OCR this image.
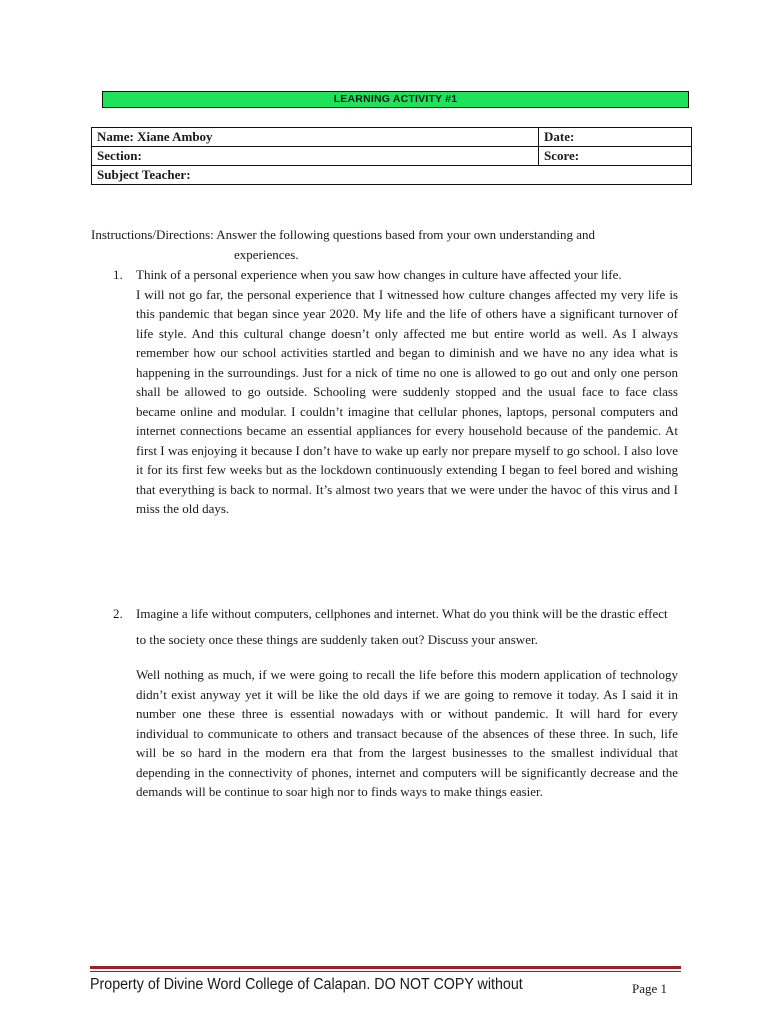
LEARNING ACTIVITY #1
Name: Xiane Amboy	Date:
Section:	Score:
Subject Teacher:	
Instructions/Directions: Answer the following questions based from your own understanding and
experiences.
1. Think of a personal experience when you saw how changes in culture have affected your life.
I will not go far, the personal experience that I witnessed how culture changes affected my very life is this pandemic that began since year 2020. My life and the life of others have a significant turnover of life style. And this cultural change doesn’t only affected me but entire world as well. As I always remember how our school activities startled and began to diminish and we have no any idea what is happening in the surroundings. Just for a nick of time no one is allowed to go out and only one person shall be allowed to go outside. Schooling were suddenly stopped and the usual face to face class became online and modular. I couldn’t imagine that cellular phones, laptops, personal computers and internet connections became an essential appliances for every household because of the pandemic. At first I was enjoying it because I don’t have to wake up early nor prepare myself to go school. I also love it for its first few weeks but as the lockdown continuously extending I began to feel bored and wishing that everything is back to normal. It’s almost two years that we were under the havoc of this virus and I miss the old days.
2. Imagine a life without computers, cellphones and internet. What do you think will be the drastic effect to the society once these things are suddenly taken out? Discuss your answer.
Well nothing as much, if we were going to recall the life before this modern application of technology didn’t exist anyway yet it will be like the old days if we are going to remove it today. As I said it in number one these three is essential nowadays with or without pandemic. It will hard for every individual to communicate to others and transact because of the absences of these three. In such, life will be so hard in the modern era that from the largest businesses to the smallest individual that depending in the connectivity of phones, internet and computers will be significantly decrease and the demands will be continue to soar high nor to finds ways to make things easier.
Property of Divine Word College of Calapan. DO NOT COPY without	Page 1
